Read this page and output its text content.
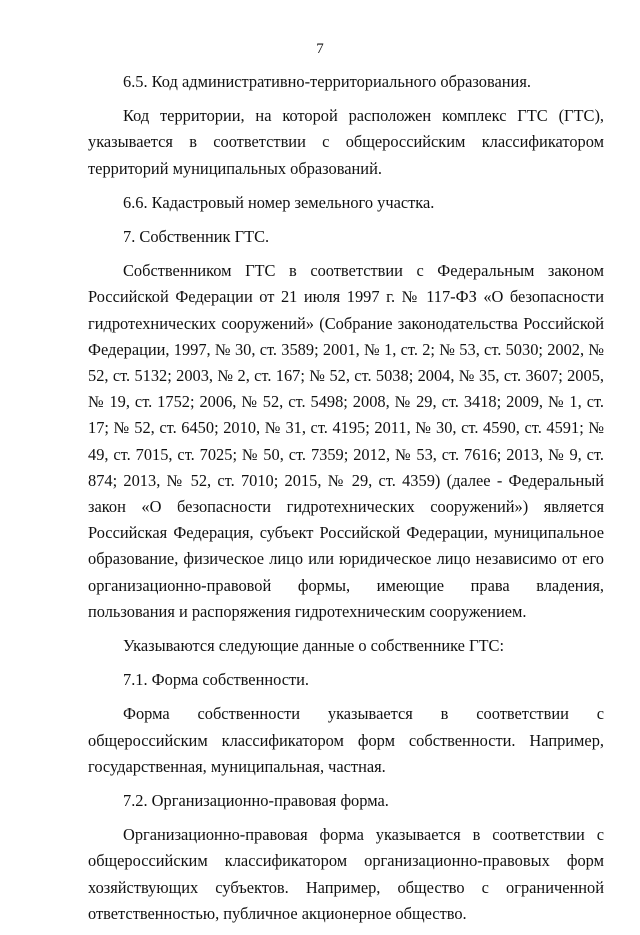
7

6.5. Код административно-территориального образования.

Код территории, на которой расположен комплекс ГТС (ГТС), указывается в соответствии с общероссийским классификатором территорий муниципальных образований.

6.6. Кадастровый номер земельного участка.

7. Собственник ГТС.

Собственником ГТС в соответствии с Федеральным законом Российской Федерации от 21 июля 1997 г. № 117-ФЗ «О безопасности гидротехнических сооружений» (Собрание законодательства Российской Федерации, 1997, № 30, ст. 3589; 2001, № 1, ст. 2; № 53, ст. 5030; 2002, № 52, ст. 5132; 2003, № 2, ст. 167; № 52, ст. 5038; 2004, № 35, ст. 3607; 2005, № 19, ст. 1752; 2006, № 52, ст. 5498; 2008, № 29, ст. 3418; 2009, № 1, ст. 17; № 52, ст. 6450; 2010, № 31, ст. 4195; 2011, № 30, ст. 4590, ст. 4591; № 49, ст. 7015, ст. 7025; № 50, ст. 7359; 2012, № 53, ст. 7616; 2013, № 9, ст. 874; 2013, № 52, ст. 7010; 2015, № 29, ст. 4359) (далее - Федеральный закон «О безопасности гидротехнических сооружений») является Российская Федерация, субъект Российской Федерации, муниципальное образование, физическое лицо или юридическое лицо независимо от его организационно-правовой формы, имеющие права владения, пользования и распоряжения гидротехническим сооружением.

Указываются следующие данные о собственнике ГТС:

7.1. Форма собственности.

Форма собственности указывается в соответствии с общероссийским классификатором форм собственности. Например, государственная, муниципальная, частная.

7.2. Организационно-правовая форма.

Организационно-правовая форма указывается в соответствии с общероссийским классификатором организационно-правовых форм хозяйствующих субъектов. Например, общество с ограниченной ответственностью, публичное акционерное общество.
